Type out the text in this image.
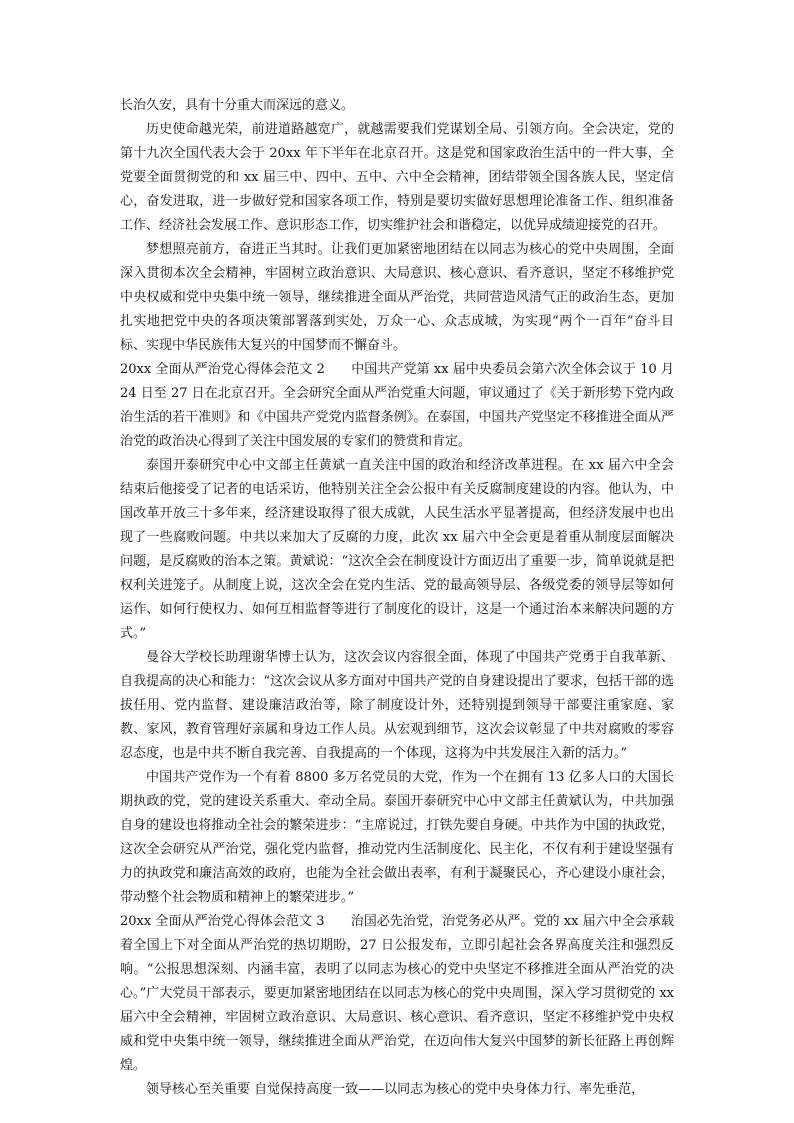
长治久安，具有十分重大而深远的意义。

历史使命越光荣，前进道路越宽广，就越需要我们党谋划全局、引领方向。全会决定，党的第十九次全国代表大会于 20xx 年下半年在北京召开。这是党和国家政治生活中的一件大事，全党要全面贯彻党的和 xx 届三中、四中、五中、六中全会精神，团结带领全国各族人民，坚定信心，奋发进取，进一步做好党和国家各项工作，特别是要切实做好思想理论准备工作、组织准备工作、经济社会发展工作、意识形态工作，切实维护社会和谐稳定，以优异成绩迎接党的召开。

梦想照亮前方，奋进正当其时。让我们更加紧密地团结在以同志为核心的党中央周围，全面深入贯彻本次全会精神，牢固树立政治意识、大局意识、核心意识、看齐意识，坚定不移维护党中央权威和党中央集中统一领导，继续推进全面从严治党，共同营造风清气正的政治生态，更加扎实地把党中央的各项决策部署落到实处，万众一心、众志成城，为实现“两个一百年”奋斗目标、实现中华民族伟大复兴的中国梦而不懈奋斗。

20xx 全面从严治党心得体会范文 2　　中国共产党第 xx 届中央委员会第六次全体会议于 10 月 24 日至 27 日在北京召开。全会研究全面从严治党重大问题，审议通过了《关于新形势下党内政治生活的若干准则》和《中国共产党党内监督条例》。在泰国，中国共产党坚定不移推进全面从严治党的政治决心得到了关注中国发展的专家们的赞赏和肯定。

泰国开泰研究中心中文部主任黄斌一直关注中国的政治和经济改革进程。在 xx 届六中全会结束后他接受了记者的电话采访，他特别关注全会公报中有关反腐制度建设的内容。他认为，中国改革开放三十多年来，经济建设取得了很大成就，人民生活水平显著提高，但经济发展中也出现了一些腐败问题。中共以来加大了反腐的力度，此次 xx 届六中全会更是着重从制度层面解决问题，是反腐败的治本之策。黄斌说：“这次全会在制度设计方面迈出了重要一步，简单说就是把权利关进笼子。从制度上说，这次全会在党内生活、党的最高领导层、各级党委的领导层等如何运作、如何行使权力、如何互相监督等进行了制度化的设计，这是一个通过治本来解决问题的方式。”

曼谷大学校长助理谢华博士认为，这次会议内容很全面，体现了中国共产党勇于自我革新、自我提高的决心和能力：“这次会议从多方面对中国共产党的自身建设提出了要求，包括干部的选拔任用、党内监督、建设廉洁政治等，除了制度设计外，还特别提到领导干部要注重家庭、家教、家风，教育管理好亲属和身边工作人员。从宏观到细节，这次会议彰显了中共对腐败的零容忍态度，也是中共不断自我完善、自我提高的一个体现，这将为中共发展注入新的活力。”

中国共产党作为一个有着 8800 多万名党员的大党，作为一个在拥有 13 亿多人口的大国长期执政的党，党的建设关系重大、牵动全局。泰国开泰研究中心中文部主任黄斌认为，中共加强自身的建设也将推动全社会的繁荣进步：“主席说过，打铁先要自身硬。中共作为中国的执政党，这次全会研究从严治党，强化党内监督，推动党内生活制度化、民主化，不仅有利于建设坚强有力的执政党和廉洁高效的政府，也能为全社会做出表率，有利于凝聚民心，齐心建设小康社会，带动整个社会物质和精神上的繁荣进步。”

20xx 全面从严治党心得体会范文 3　　治国必先治党，治党务必从严。党的 xx 届六中全会承载着全国上下对全面从严治党的热切期盼，27 日公报发布，立即引起社会各界高度关注和强烈反响。“公报思想深刻、内涵丰富，表明了以同志为核心的党中央坚定不移推进全面从严治党的决心。”广大党员干部表示，要更加紧密地团结在以同志为核心的党中央周围，深入学习贯彻党的 xx 届六中全会精神，牢固树立政治意识、大局意识、核心意识、看齐意识，坚定不移维护党中央权威和党中央集中统一领导，继续推进全面从严治党，在迈向伟大复兴中国梦的新长征路上再创辉煌。

领导核心至关重要 自觉保持高度一致——以同志为核心的党中央身体力行、率先垂范，
